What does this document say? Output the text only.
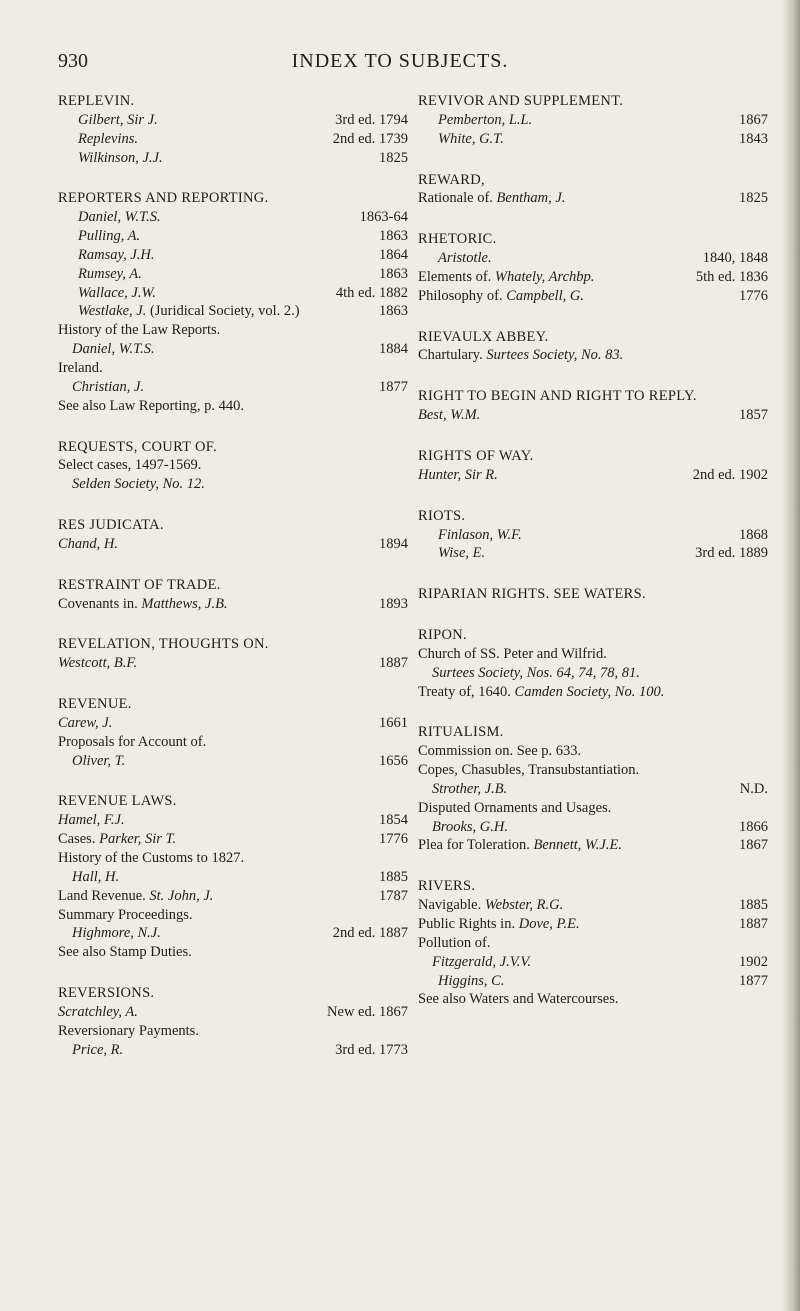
930	INDEX TO SUBJECTS.
REPLEVIN.
Gilbert, Sir J.	3rd ed. 1794
Replevins.	2nd ed. 1739
Wilkinson, J.J.	1825
REPORTERS AND REPORTING.
Daniel, W.T.S.	1863-64
Pulling, A.	1863
Ramsay, J.H.	1864
Rumsey, A.	1863
Wallace, J.W.	4th ed. 1882
Westlake, J. (Juridical Society, vol. 2.)	1863
History of the Law Reports.
Daniel, W.T.S.	1884
Ireland.
Christian, J.	1877
See also Law Reporting, p. 440.
REQUESTS, COURT OF.
Select cases, 1497-1569.
Selden Society, No. 12.
RES JUDICATA.
Chand, H.	1894
RESTRAINT OF TRADE.
Covenants in. Matthews, J.B.	1893
REVELATION, THOUGHTS ON.
Westcott, B.F.	1887
REVENUE.
Carew, J.	1661
Proposals for Account of.
Oliver, T.	1656
REVENUE LAWS.
Hamel, F.J.	1854
Cases. Parker, Sir T.	1776
History of the Customs to 1827.
Hall, H.	1885
Land Revenue. St. John, J.	1787
Summary Proceedings.
Highmore, N.J.	2nd ed. 1887
See also Stamp Duties.
REVERSIONS.
Scratchley, A.	New ed. 1867
Reversionary Payments.
Price, R.	3rd ed. 1773
REVIVOR AND SUPPLEMENT.
Pemberton, L.L.	1867
White, G.T.	1843
REWARD,
Rationale of. Bentham, J.	1825
RHETORIC.
Aristotle.	1840, 1848
Elements of. Whately, Archbp.	5th ed. 1836
Philosophy of. Campbell, G.	1776
RIEVAULX ABBEY.
Chartulary. Surtees Society, No. 83.
RIGHT TO BEGIN AND RIGHT TO REPLY.
Best, W.M.	1857
RIGHTS OF WAY.
Hunter, Sir R.	2nd ed. 1902
RIOTS.
Finlason, W.F.	1868
Wise, E.	3rd ed. 1889
RIPARIAN RIGHTS. SEE WATERS.
RIPON.
Church of SS. Peter and Wilfrid.
Surtees Society, Nos. 64, 74, 78, 81.
Treaty of, 1640. Camden Society, No. 100.
RITUALISM.
Commission on. See p. 633.
Copes, Chasubles, Transubstantiation.
Strother, J.B.	N.D.
Disputed Ornaments and Usages.
Brooks, G.H.	1866
Plea for Toleration. Bennett, W.J.E.	1867
RIVERS.
Navigable. Webster, R.G.	1885
Public Rights in. Dove, P.E.	1887
Pollution of.
Fitzgerald, J.V.V.	1902
Higgins, C.	1877
See also Waters and Watercourses.
